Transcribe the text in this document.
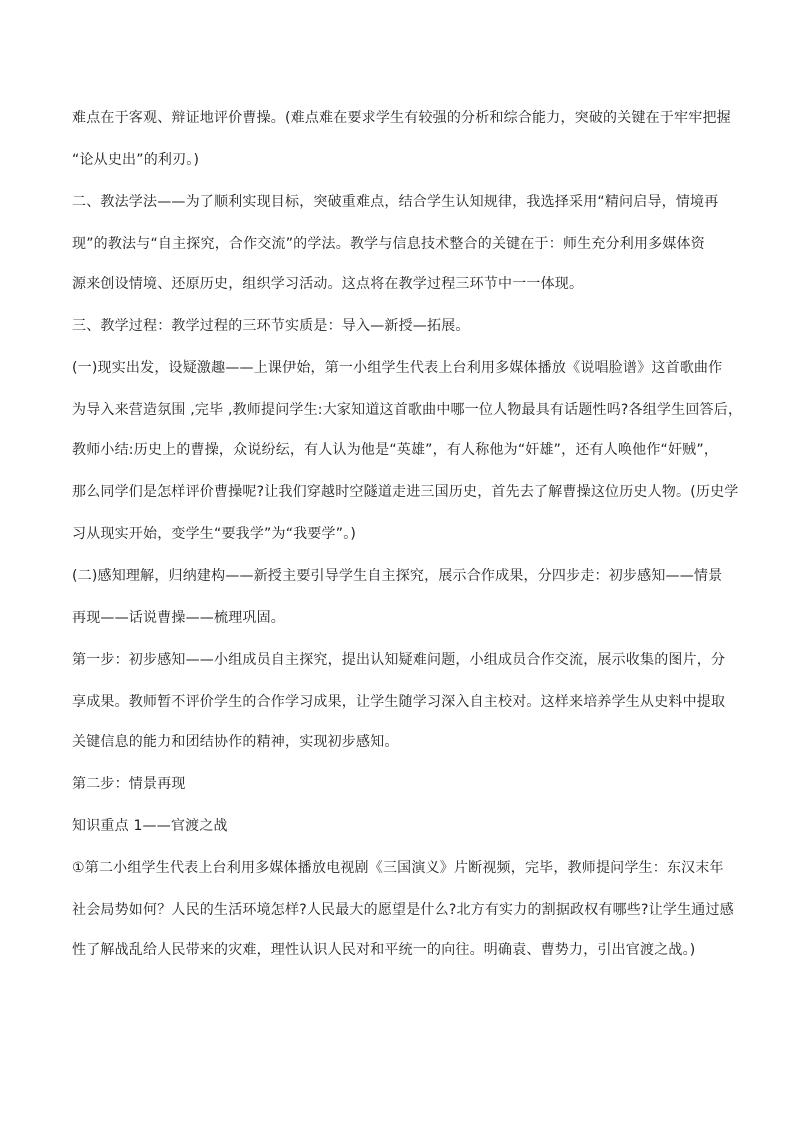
难点在于客观、辩证地评价曹操。(难点难在要求学生有较强的分析和综合能力，突破的关键在于牢牢把握

“论从史出”的利刃。)

二、教法学法——为了顺利实现目标，突破重难点，结合学生认知规律，我选择采用“精问启导，情境再

现”的教法与“自主探究，合作交流”的学法。教学与信息技术整合的关键在于：师生充分利用多媒体资

源来创设情境、还原历史，组织学习活动。这点将在教学过程三环节中一一体现。

三、教学过程：教学过程的三环节实质是：导入—新授—拓展。

(一)现实出发，设疑激趣——上课伊始，第一小组学生代表上台利用多媒体播放《说唱脸谱》这首歌曲作

为导入来营造氛围 ,完毕 ,教师提问学生:大家知道这首歌曲中哪一位人物最具有话题性吗?各组学生回答后，

教师小结:历史上的曹操，众说纷纭，有人认为他是“英雄”，有人称他为“奸雄”，还有人唤他作“奸贼”，

那么同学们是怎样评价曹操呢?让我们穿越时空隧道走进三国历史，首先去了解曹操这位历史人物。(历史学

习从现实开始，变学生“要我学”为“我要学”。)

(二)感知理解，归纳建构——新授主要引导学生自主探究，展示合作成果，分四步走：初步感知——情景

再现——话说曹操——梳理巩固。

第一步：初步感知——小组成员自主探究，提出认知疑难问题，小组成员合作交流，展示收集的图片，分

享成果。教师暂不评价学生的合作学习成果，让学生随学习深入自主校对。这样来培养学生从史料中提取

关键信息的能力和团结协作的精神，实现初步感知。

第二步：情景再现

知识重点 1——官渡之战

①第二小组学生代表上台利用多媒体播放电视剧《三国演义》片断视频，完毕，教师提问学生：东汉末年

社会局势如何？人民的生活环境怎样?人民最大的愿望是什么?北方有实力的割据政权有哪些?让学生通过感

性了解战乱给人民带来的灾难，理性认识人民对和平统一的向往。明确袁、曹势力，引出官渡之战。)
